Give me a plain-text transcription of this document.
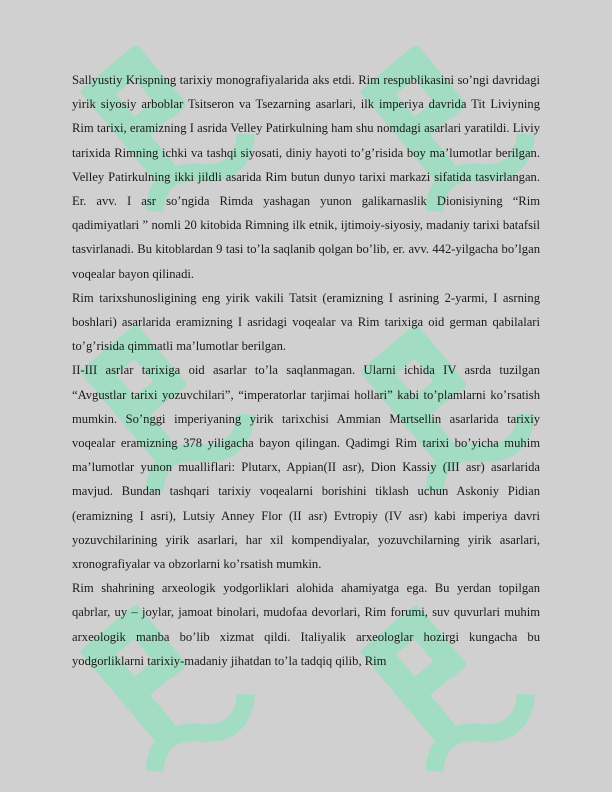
Sallyustiy Krispning tarixiy monografiyalarida aks etdi. Rim respublikasini so’ngi davridagi yirik siyosiy arboblar Tsitseron va Tsezarning asarlari, ilk imperiya davrida Tit Liviyning Rim tarixi, eramizning I asrida Velley Patirkulning ham shu nomdagi asarlari yaratildi. Liviy tarixida Rimning ichki va tashqi siyosati, diniy hayoti to’g’risida boy ma’lumotlar berilgan. Velley Patirkulning ikki jildli asarida Rim butun dunyo tarixi markazi sifatida tasvirlangan. Er. avv. I asr so’ngida Rimda yashagan yunon galikarnaslik Dionisiyning “Rim qadimiyatlari ” nomli 20 kitobida Rimning ilk etnik, ijtimoiy-siyosiy, madaniy tarixi batafsil tasvirlanadi. Bu kitoblardan 9 tasi to’la saqlanib qolgan bo’lib, er. avv. 442-yilgacha bo’lgan voqealar bayon qilinadi.

Rim tarixshunosligining eng yirik vakili Tatsit (eramizning I asrining 2-yarmi, I asrning boshlari) asarlarida eramizning I asridagi voqealar va Rim tarixiga oid german qabilalari to’g’risida qimmatli ma’lumotlar berilgan.

II-III asrlar tarixiga oid asarlar to’la saqlanmagan. Ularni ichida IV asrda tuzilgan “Avgustlar tarixi yozuvchilari”, “imperatorlar tarjimai hollari” kabi to’plamlarni ko’rsatish mumkin. So’nggi imperiyaning yirik tarixchisi Ammian Martsellin asarlarida tarixiy voqealar eramizning 378 yiligacha bayon qilingan. Qadimgi Rim tarixi bo’yicha muhim ma’lumotlar yunon mualliflari: Plutarx, Appian(II asr), Dion Kassiy (III asr) asarlarida mavjud. Bundan tashqari tarixiy voqealarni borishini tiklash uchun Askoniy Pidian (eramizning I asri), Lutsiy Anney Flor (II asr) Evtropiy (IV asr) kabi imperiya davri yozuvchilarining yirik asarlari, har xil kompendiyalar, yozuvchilarning yirik asarlari, xronografiyalar va obzorlarni ko’rsatish mumkin.

Rim shahrining arxeologik yodgorliklari alohida ahamiyatga ega. Bu yerdan topilgan qabrlar, uy – joylar, jamoat binolari, mudofaa devorlari, Rim forumi, suv quvurlari muhim arxeologik manba bo’lib xizmat qildi. Italiyalik arxeologlar hozirgi kungacha bu yodgorliklarni tarixiy-madaniy jihatdan to’la tadqiq qilib, Rim
